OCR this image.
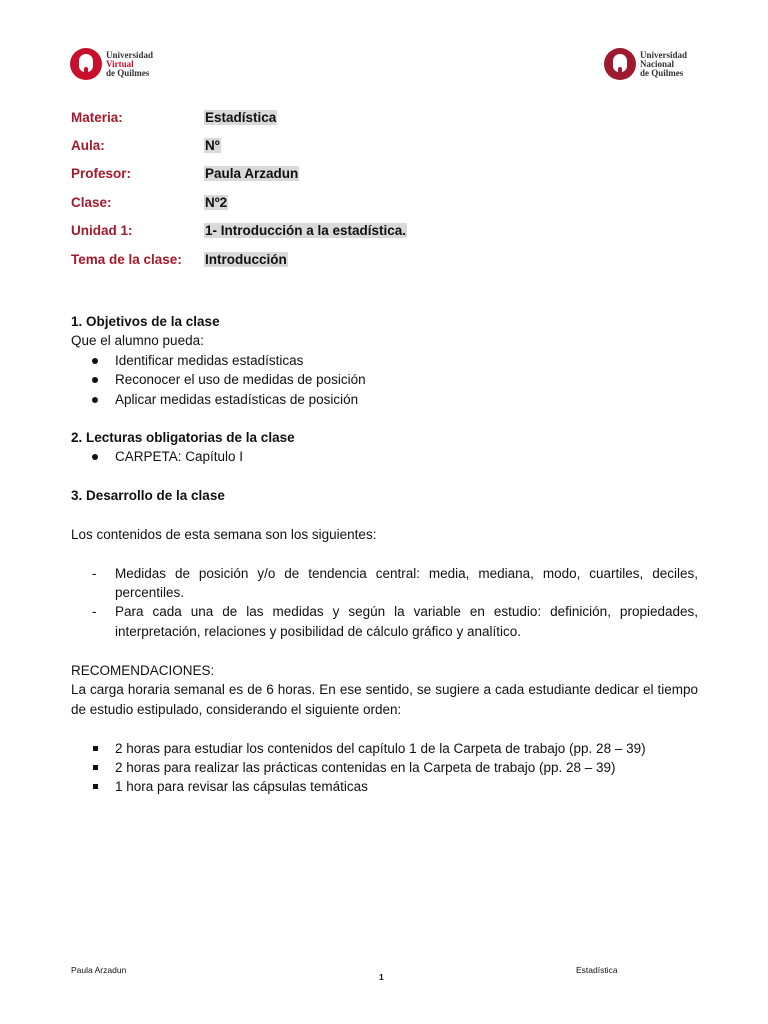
Universidad
Virtual
de Quilmes
Universidad
Nacional
de Quilmes
Materia:	Estadística
Aula:	Nº
Profesor:	Paula Arzadun
Clase:	Nº2
Unidad 1:	1- Introducción a la estadística.
Tema de la clase:	Introducción

1. Objetivos de la clase

Que el alumno pueda:

Identificar medidas estadísticas
Reconocer el uso de medidas de posición
Aplicar medidas estadísticas de posición

2. Lecturas obligatorias de la clase

CARPETA: Capítulo I

3. Desarrollo de la clase

Los contenidos de esta semana son los siguientes:

- Medidas de posición y/o de tendencia central: media, mediana, modo, cuartiles, deciles, percentiles.
- Para cada una de las medidas y según la variable en estudio: definición, propiedades, interpretación, relaciones y posibilidad de cálculo gráfico y analítico.

RECOMENDACIONES:

La carga horaria semanal es de 6 horas. En ese sentido, se sugiere a cada estudiante dedicar el tiempo de estudio estipulado, considerando el siguiente orden:

2 horas para estudiar los contenidos del capítulo 1 de la Carpeta de trabajo (pp. 28 – 39)
2 horas para realizar las prácticas contenidas en la Carpeta de trabajo (pp. 28 – 39)
1 hora para revisar las cápsulas temáticas
Paula Arzadun
1
Estadística
